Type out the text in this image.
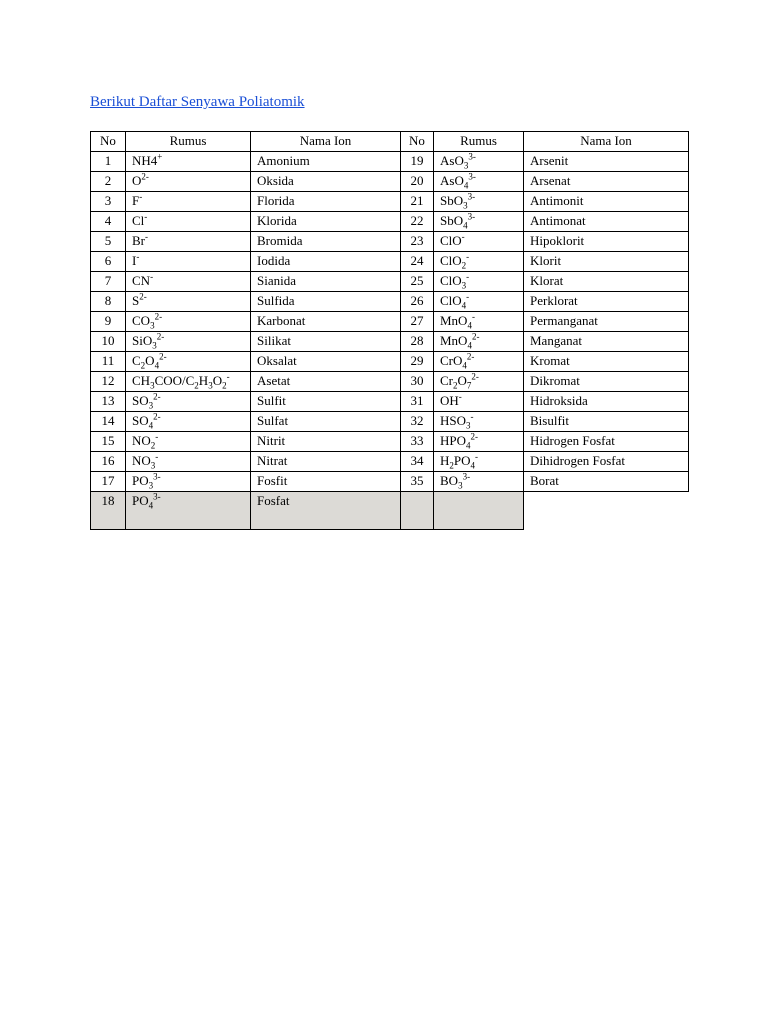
Berikut Daftar Senyawa Poliatomik
No	Rumus	Nama Ion	No	Rumus	Nama Ion
1	NH4+	Amonium	19	AsO$_3^{3-}$	Arsenit
2	$O^{2-}$	Oksida	20	AsO$_4^{3-}$	Arsenat
3	F-	Florida	21	SbO$_3^{3-}$	Antimonit
4	Cl-	Klorida	22	SbO$_4^{3-}$	Antimonat
5	Br-	Bromida	23	ClO-	Hipoklorit
6	I-	Iodida	24	ClO$_2$-	Klorit
7	CN-	Sianida	25	ClO$_3$-	Klorat
8	$S^{2-}$	Sulfida	26	ClO$_4$-	Perklorat
9	$CO_3^{2-}$	Karbonat	27	MnO$_4$-	Permanganat
10	SiO$_3^{2-}$	Silikat	28	MnO$_4^{2-}$	Manganat
11	$C_2O_4^{2-}$	Oksalat	29	CrO$_4^{2-}$	Kromat
12	$CH_3COO/C_2H_3O_2^-$	Asetat	30	$Cr_2O_7^{2-}$	Dikromat
13	$SO_3^{2-}$	Sulfit	31	OH-	Hidroksida
14	$SO_4^{2-}$	Sulfat	32	$HSO_3^-$	Bisulfit
15	$NO_2^-$	Nitrit	33	$HPO_4^{2-}$	Hidrogen Fosfat
16	$NO_3^-$	Nitrat	34	$H_2PO_4^-$	Dihidrogen Fosfat
17	$PO_3^{3-}$	Fosfit	35	$BO_3^{3-}$	Borat
18	$PO_4^{3-}$	Fosfat			
